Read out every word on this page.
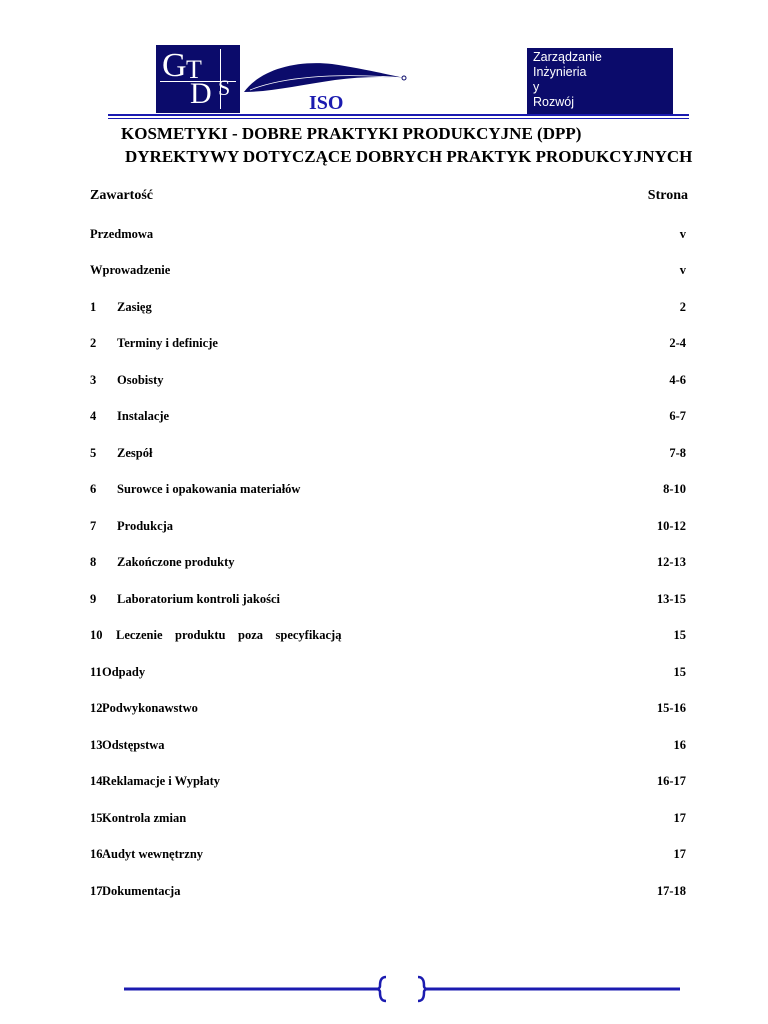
G T
D S
ISO
Zarządzanie
Inżynieria
y
Rozwój
KOSMETYKI - DOBRE PRAKTYKI PRODUKCYJNE (DPP)
DYREKTYWY DOTYCZĄCE DOBRYCH PRAKTYK PRODUKCYJNYCH
Zawartość	Strona
Przedmowa	v
Wprowadzenie	v
1 Zasięg	2
2 Terminy i definicje	2-4
3 Osobisty	4-6
4 Instalacje	6-7
5 Zespół	7-8
6 Surowce i opakowania materiałów	8-10
7 Produkcja	10-12
8 Zakończone produkty	12-13
9 Laboratorium kontroli jakości	13-15
10 Leczenie    produktu    poza    specyfikacją	15
11 Odpady	15
12 Podwykonawstwo	15-16
13 Odstępstwa	16
14 Reklamacje i Wypłaty	16-17
15 Kontrola zmian	17
16 Audyt wewnętrzny	17
17 Dokumentacja	17-18
